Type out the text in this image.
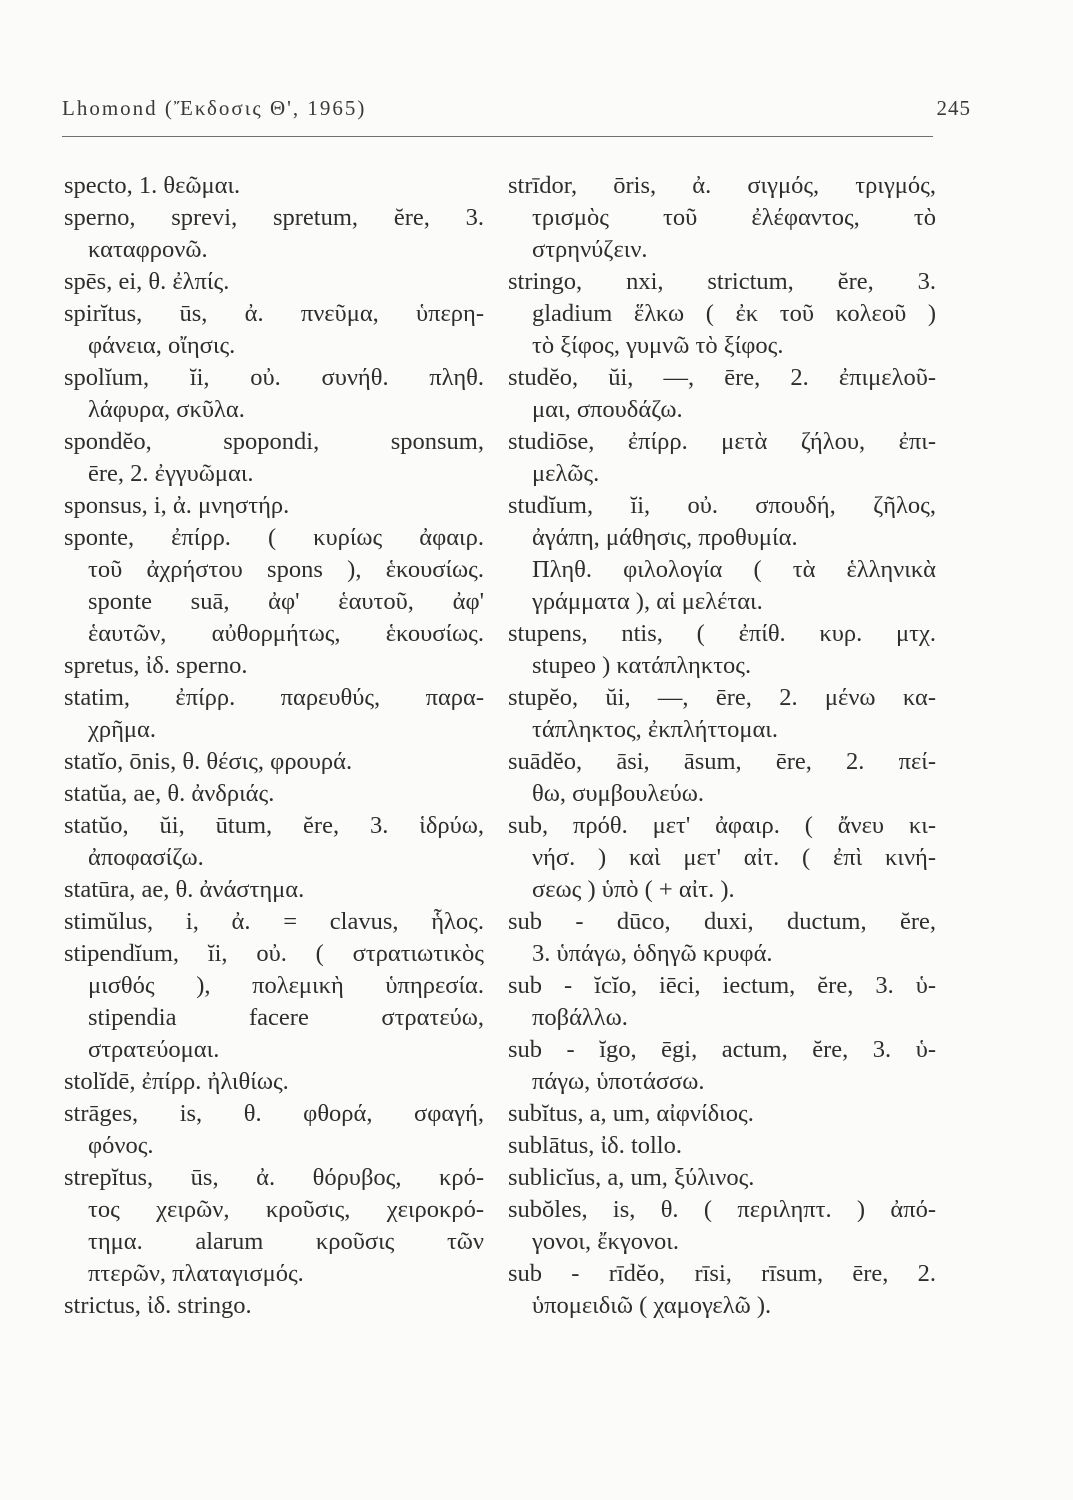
Lhomond (Ἔκδοσις Θ', 1965)	245
specto, 1. θεῶμαι.
sperno, sprevi, spretum, ĕre, 3.
καταφρονῶ.
spēs, ei, θ. ἐλπίς.
spirĭtus, ūs, ἀ. πνεῦμα, ὑπερη-
φάνεια, οἴησις.
spolĭum, ĭi, οὐ. συνήθ. πληθ.
λάφυρα, σκῦλα.
spondĕo, spopondi, sponsum,
ēre, 2. ἐγγυῶμαι.
sponsus, i, ἀ. μνηστήρ.
sponte, ἐπίρρ. ( κυρίως ἀφαιρ.
τοῦ ἀχρήστου spons ), ἑκουσίως.
sponte suā, ἀφ' ἑαυτοῦ, ἀφ'
ἑαυτῶν, αὐθορμήτως, ἑκουσίως.
spretus, ἰδ. sperno.
statim, ἐπίρρ. παρευθύς, παρα-
χρῆμα.
statĭo, ōnis, θ. θέσις, φρουρά.
statŭa, ae, θ. ἀνδριάς.
statŭo, ŭi, ūtum, ĕre, 3. ἱδρύω,
ἀποφασίζω.
statūra, ae, θ. ἀνάστημα.
stimŭlus, i, ἀ. = clavus, ἧλος.
stipendĭum, ĭi, οὐ. ( στρατιωτικὸς
μισθός ), πολεμικὴ ὑπηρεσία.
stipendia facere στρατεύω,
στρατεύομαι.
stolĭdē, ἐπίρρ. ἠλιθίως.
strāges, is, θ. φθορά, σφαγή,
φόνος.
strepĭtus, ūs, ἀ. θόρυβος, κρό-
τος χειρῶν, κροῦσις, χειροκρό-
τημα. alarum κροῦσις τῶν
πτερῶν, πλαταγισμός.
strictus, ἰδ. stringo.
strīdor, ōris, ἀ. σιγμός, τριγμός,
τρισμὸς τοῦ ἐλέφαντος, τὸ
στρηνύζειν.
stringo, nxi, strictum, ĕre, 3.
gladium ἕλκω ( ἐκ τοῦ κολεοῦ )
τὸ ξίφος, γυμνῶ τὸ ξίφος.
studĕo, ŭi, —, ēre, 2. ἐπιμελοῦ-
μαι, σπουδάζω.
studiōse, ἐπίρρ. μετὰ ζήλου, ἐπι-
μελῶς.
studĭum, ĭi, οὐ. σπουδή, ζῆλος,
ἀγάπη, μάθησις, προθυμία.
Πληθ. φιλολογία ( τὰ ἑλληνικὰ
γράμματα ), αἱ μελέται.
stupens, ntis, ( ἐπίθ. κυρ. μτχ.
stupeo ) κατάπληκτος.
stupĕo, ŭi, —, ēre, 2. μένω κα-
τάπληκτος, ἐκπλήττομαι.
suādĕo, āsi, āsum, ēre, 2. πεί-
θω, συμβουλεύω.
sub, πρόθ. μετ' ἀφαιρ. ( ἄνευ κι-
νήσ. ) καὶ μετ' αἰτ. ( ἐπὶ κινή-
σεως ) ὑπὸ ( + αἰτ. ).
sub - dūco, duxi, ductum, ĕre,
3. ὑπάγω, ὁδηγῶ κρυφά.
sub - ĭcĭo, iēci, iectum, ĕre, 3. ὑ-
ποβάλλω.
sub - ĭgo, ēgi, actum, ĕre, 3. ὑ-
πάγω, ὑποτάσσω.
subĭtus, a, um, αἰφνίδιος.
sublātus, ἰδ. tollo.
sublicĭus, a, um, ξύλινος.
subŏles, is, θ. ( περιληπτ. ) ἀπό-
γονοι, ἔκγονοι.
sub - rīdĕo, rīsi, rīsum, ēre, 2.
ὑπομειδιῶ ( χαμογελῶ ).
